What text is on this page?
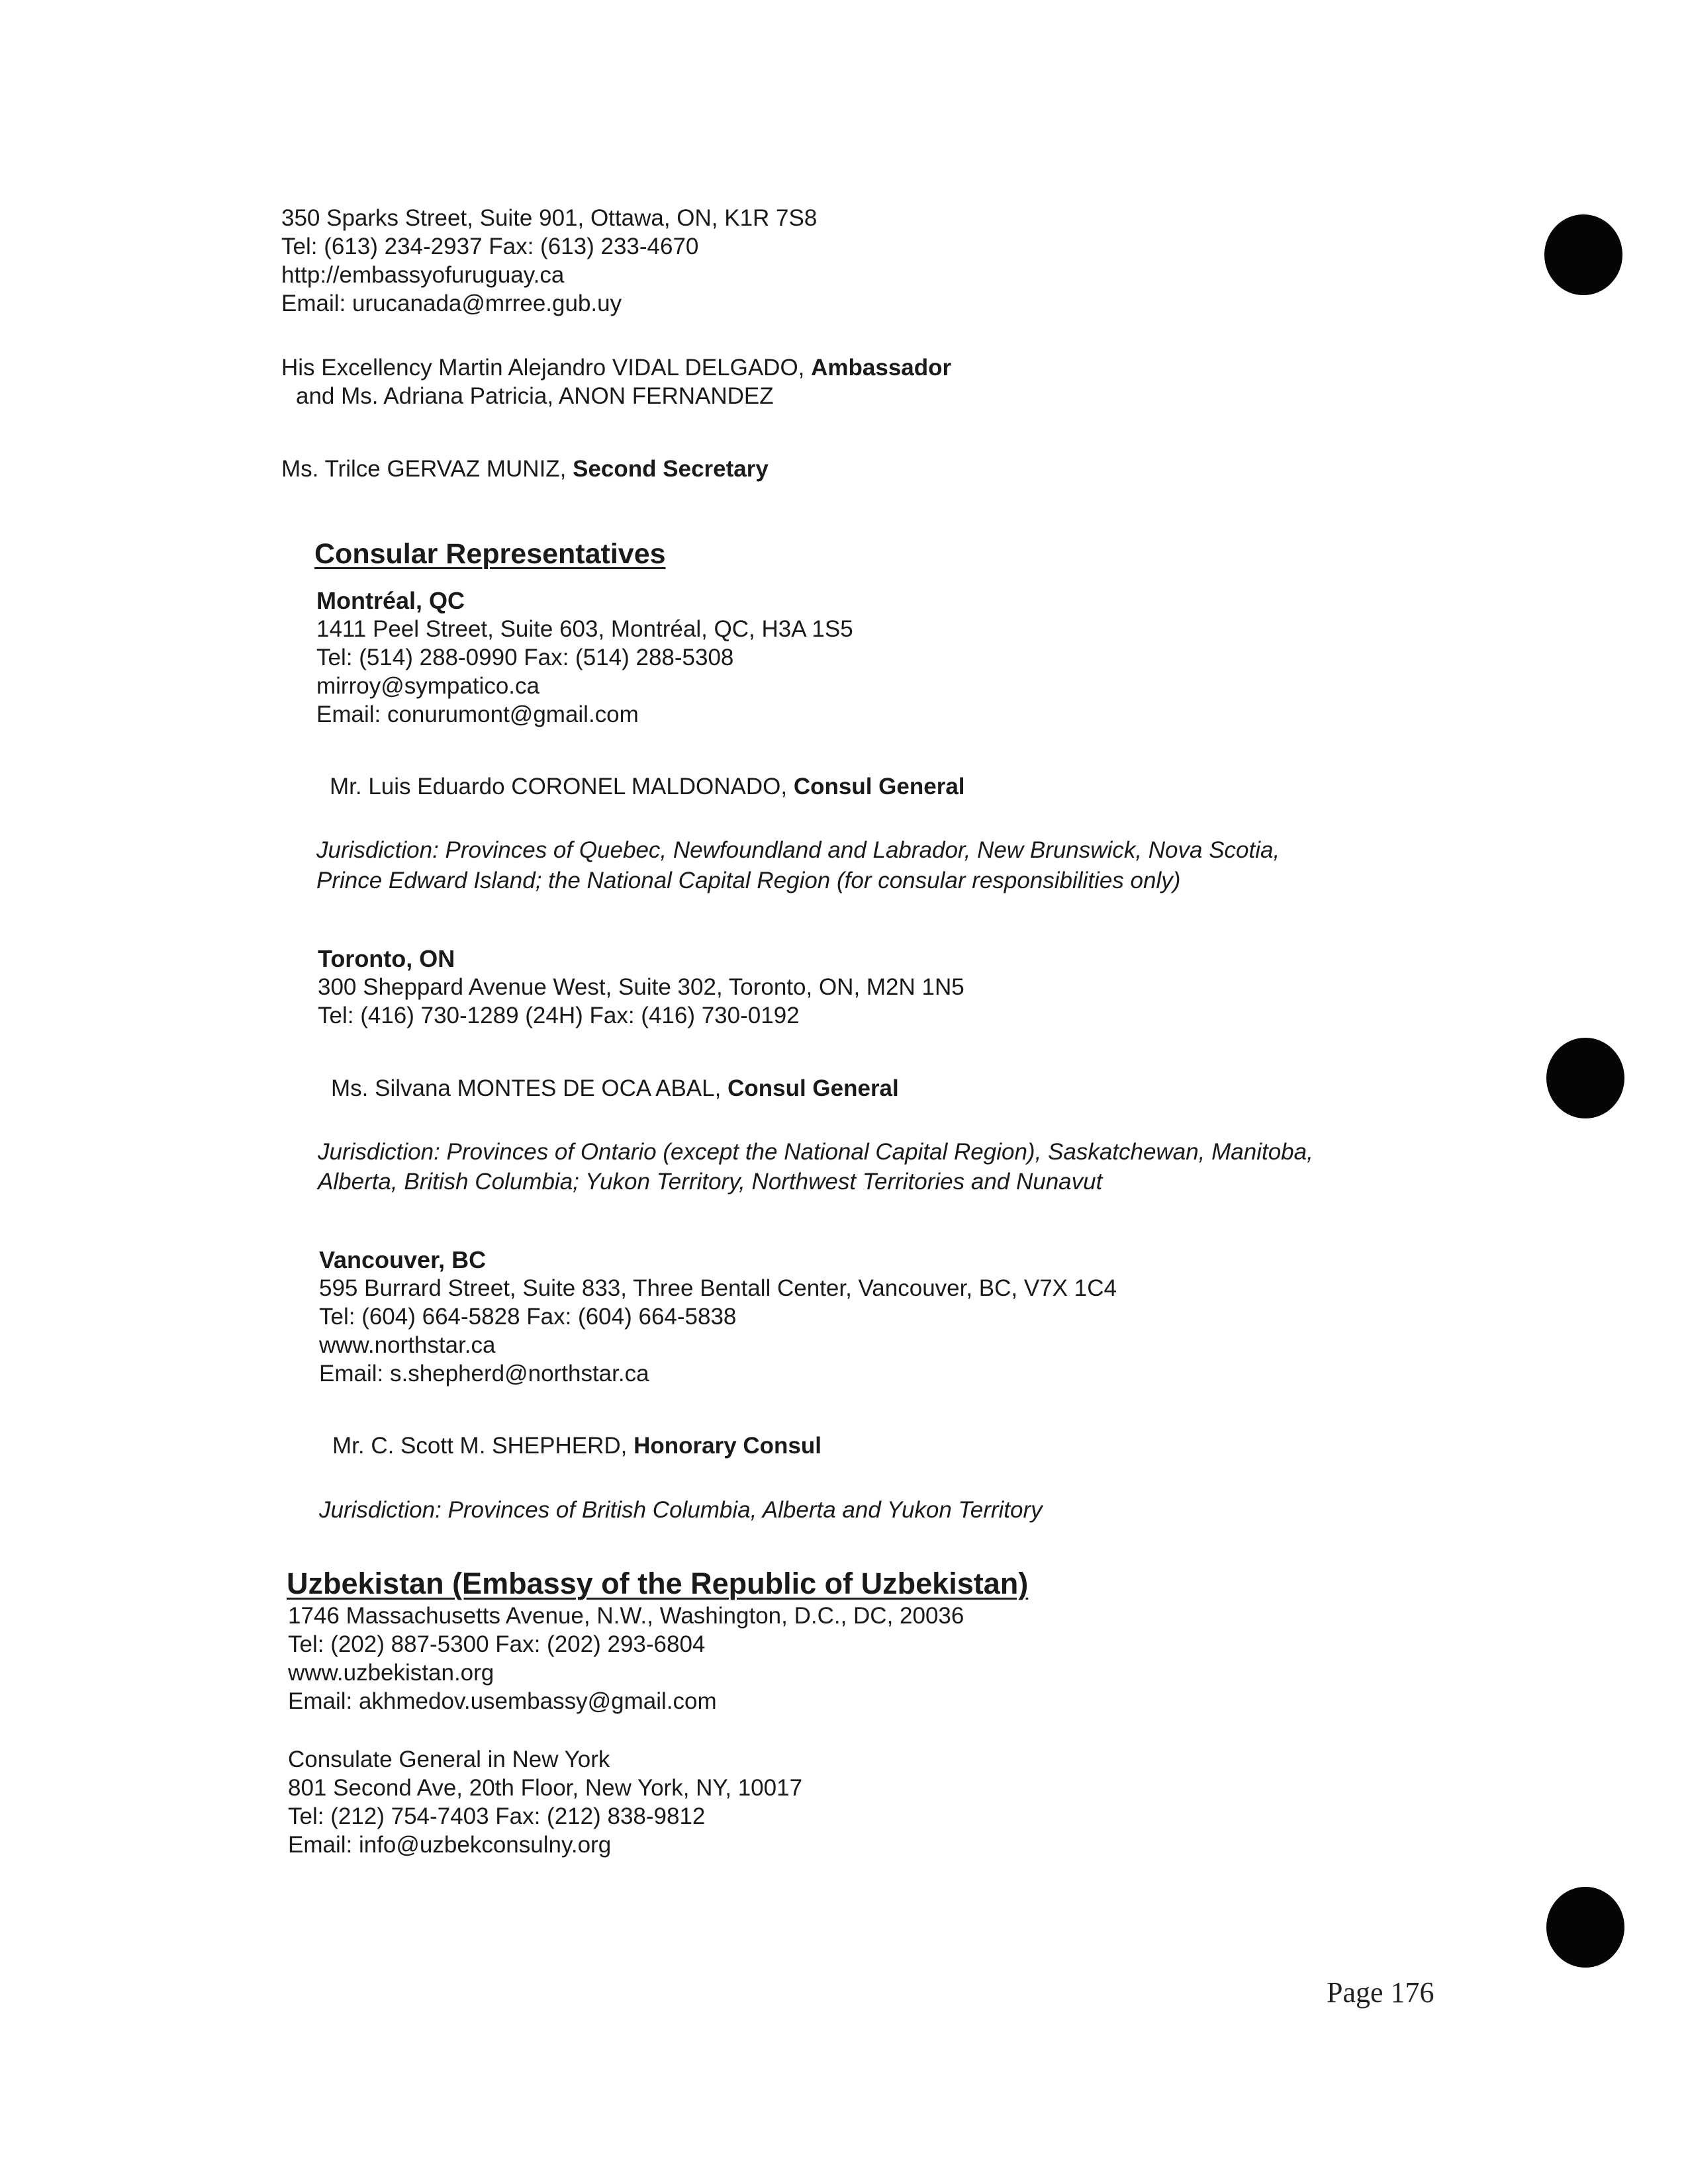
350 Sparks Street, Suite 901, Ottawa, ON, K1R 7S8
Tel: (613) 234-2937 Fax: (613) 233-4670
http://embassyofuruguay.ca
Email: urucanada@mrree.gub.uy
His Excellency Martin Alejandro VIDAL DELGADO, Ambassador
and Ms. Adriana Patricia, ANON FERNANDEZ
Ms. Trilce GERVAZ MUNIZ, Second Secretary
Consular Representatives
Montréal, QC
1411 Peel Street, Suite 603, Montréal, QC, H3A 1S5
Tel: (514) 288-0990 Fax: (514) 288-5308
mirroy@sympatico.ca
Email: conurumont@gmail.com
Mr. Luis Eduardo CORONEL MALDONADO, Consul General
Jurisdiction: Provinces of Quebec, Newfoundland and Labrador, New Brunswick, Nova Scotia,
Prince Edward Island; the National Capital Region (for consular responsibilities only)
Toronto, ON
300 Sheppard Avenue West, Suite 302, Toronto, ON, M2N 1N5
Tel: (416) 730-1289 (24H) Fax: (416) 730-0192
Ms. Silvana MONTES DE OCA ABAL, Consul General
Jurisdiction: Provinces of Ontario (except the National Capital Region), Saskatchewan, Manitoba,
Alberta, British Columbia; Yukon Territory, Northwest Territories and Nunavut
Vancouver, BC
595 Burrard Street, Suite 833, Three Bentall Center, Vancouver, BC, V7X 1C4
Tel: (604) 664-5828 Fax: (604) 664-5838
www.northstar.ca
Email: s.shepherd@northstar.ca
Mr. C. Scott M. SHEPHERD, Honorary Consul
Jurisdiction: Provinces of British Columbia, Alberta and Yukon Territory
Uzbekistan (Embassy of the Republic of Uzbekistan)
1746 Massachusetts Avenue, N.W., Washington, D.C., DC, 20036
Tel: (202) 887-5300 Fax: (202) 293-6804
www.uzbekistan.org
Email: akhmedov.usembassy@gmail.com
Consulate General in New York
801 Second Ave, 20th Floor, New York, NY, 10017
Tel: (212) 754-7403 Fax: (212) 838-9812
Email: info@uzbekconsulny.org
Page 176
